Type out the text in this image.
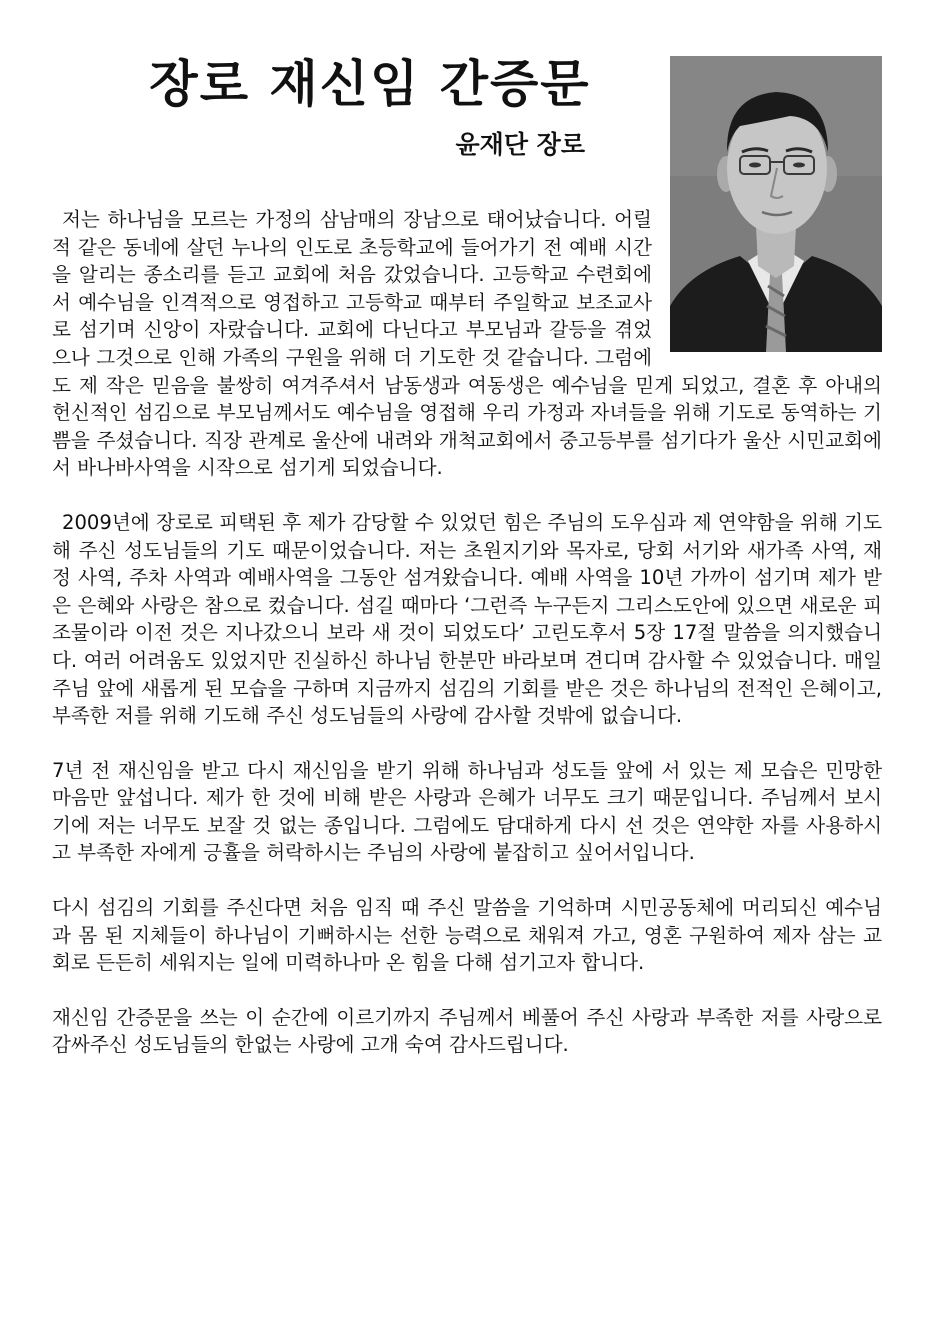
장로 재신임 간증문
윤재단 장로

저는 하나님을 모르는 가정의 삼남매의 장남으로 태어났습니다. 어릴 적 같은 동네에 살던 누나의 인도로 초등학교에 들어가기 전 예배 시간을 알리는 종소리를 듣고 교회에 처음 갔었습니다. 고등학교 수련회에서 예수님을 인격적으로 영접하고 고등학교 때부터 주일학교 보조교사로 섬기며 신앙이 자랐습니다. 교회에 다닌다고 부모님과 갈등을 겪었으나 그것으로 인해 가족의 구원을 위해 더 기도한 것 같습니다. 그럼에도 제 작은 믿음을 불쌍히 여겨주셔서 남동생과 여동생은 예수님을 믿게 되었고, 결혼 후 아내의 헌신적인 섬김으로 부모님께서도 예수님을 영접해 우리 가정과 자녀들을 위해 기도로 동역하는 기쁨을 주셨습니다. 직장 관계로 울산에 내려와 개척교회에서 중고등부를 섬기다가 울산 시민교회에서 바나바사역을 시작으로 섬기게 되었습니다.

2009년에 장로로 피택된 후 제가 감당할 수 있었던 힘은 주님의 도우심과 제 연약함을 위해 기도해 주신 성도님들의 기도 때문이었습니다. 저는 초원지기와 목자로, 당회 서기와 새가족 사역, 재정 사역, 주차 사역과 예배사역을 그동안 섬겨왔습니다. 예배 사역을 10년 가까이 섬기며 제가 받은 은혜와 사랑은 참으로 컸습니다. 섬길 때마다 ‘그런즉 누구든지 그리스도안에 있으면 새로운 피조물이라 이전 것은 지나갔으니 보라 새 것이 되었도다’ 고린도후서 5장 17절 말씀을 의지했습니다. 여러 어려움도 있었지만 진실하신 하나님 한분만 바라보며 견디며 감사할 수 있었습니다. 매일 주님 앞에 새롭게 된 모습을 구하며 지금까지 섬김의 기회를 받은 것은 하나님의 전적인 은혜이고, 부족한 저를 위해 기도해 주신 성도님들의 사랑에 감사할 것밖에 없습니다.

7년 전 재신임을 받고 다시 재신임을 받기 위해 하나님과 성도들 앞에 서 있는 제 모습은 민망한 마음만 앞섭니다. 제가 한 것에 비해 받은 사랑과 은혜가 너무도 크기 때문입니다. 주님께서 보시기에 저는 너무도 보잘 것 없는 종입니다. 그럼에도 담대하게 다시 선 것은 연약한 자를 사용하시고 부족한 자에게 긍휼을 허락하시는 주님의 사랑에 붙잡히고 싶어서입니다.

다시 섬김의 기회를 주신다면 처음 임직 때 주신 말씀을 기억하며 시민공동체에 머리되신 예수님과 몸 된 지체들이 하나님이 기뻐하시는 선한 능력으로 채워져 가고, 영혼 구원하여 제자 삼는 교회로 든든히 세워지는 일에 미력하나마 온 힘을 다해 섬기고자 합니다.

재신임 간증문을 쓰는 이 순간에 이르기까지 주님께서 베풀어 주신 사랑과 부족한 저를 사랑으로 감싸주신 성도님들의 한없는 사랑에 고개 숙여 감사드립니다.
